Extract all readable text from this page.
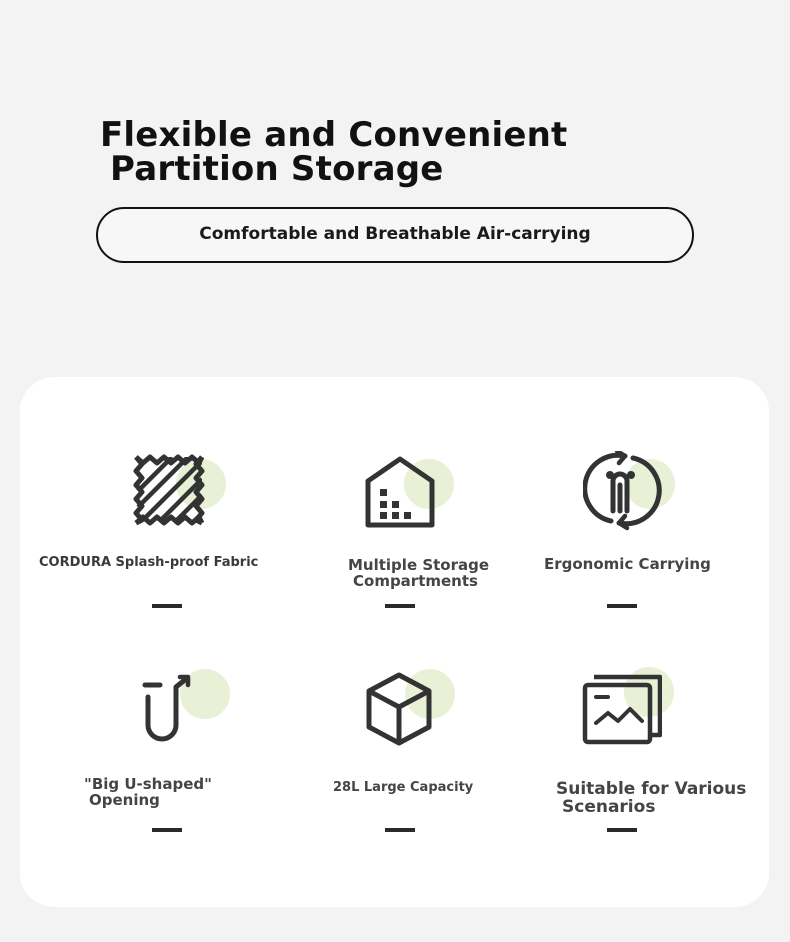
Flexible and Convenient
Partition Storage
Comfortable and Breathable Air-carrying
CORDURA Splash-proof Fabric	Multiple Storage
Compartments
Ergonomic Carrying
"Big U-shaped"
Opening
28L Large Capacity	Suitable for Various
Scenarios
